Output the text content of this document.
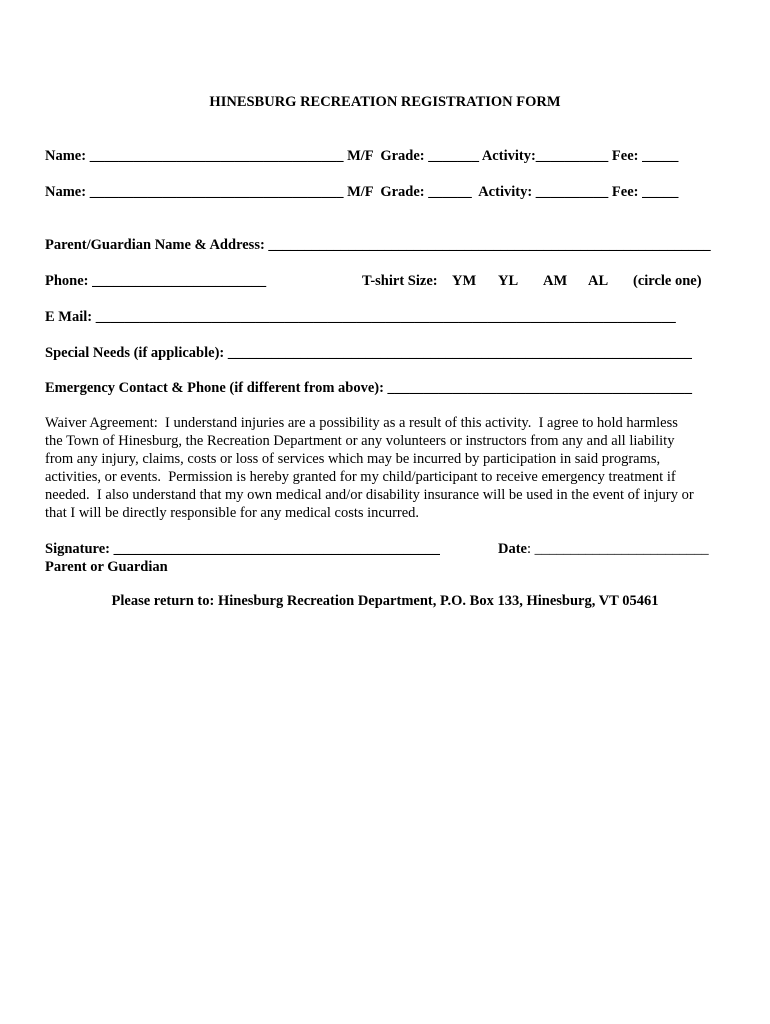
HINESBURG RECREATION REGISTRATION FORM
Name: ___________________________________ M/F  Grade: _______ Activity:__________ Fee: _____
Name: ___________________________________ M/F  Grade: ______  Activity: __________ Fee: _____
Parent/Guardian Name & Address: _____________________________________________________________
Phone: ________________________	T-shirt Size: YM YL AM AL (circle one)
E Mail: ________________________________________________________________________________
Special Needs (if applicable): ________________________________________________________________
Emergency Contact & Phone (if different from above): __________________________________________
Waiver Agreement:  I understand injuries are a possibility as a result of this activity.  I agree to hold harmless
the Town of Hinesburg, the Recreation Department or any volunteers or instructors from any and all liability
from any injury, claims, costs or loss of services which may be incurred by participation in said programs,
activities, or events.  Permission is hereby granted for my child/participant to receive emergency treatment if
needed.  I also understand that my own medical and/or disability insurance will be used in the event of injury or
that I will be directly responsible for any medical costs incurred.
Signature: _____________________________________________
Parent or Guardian
Date: ________________________
Please return to: Hinesburg Recreation Department, P.O. Box 133, Hinesburg, VT 05461
